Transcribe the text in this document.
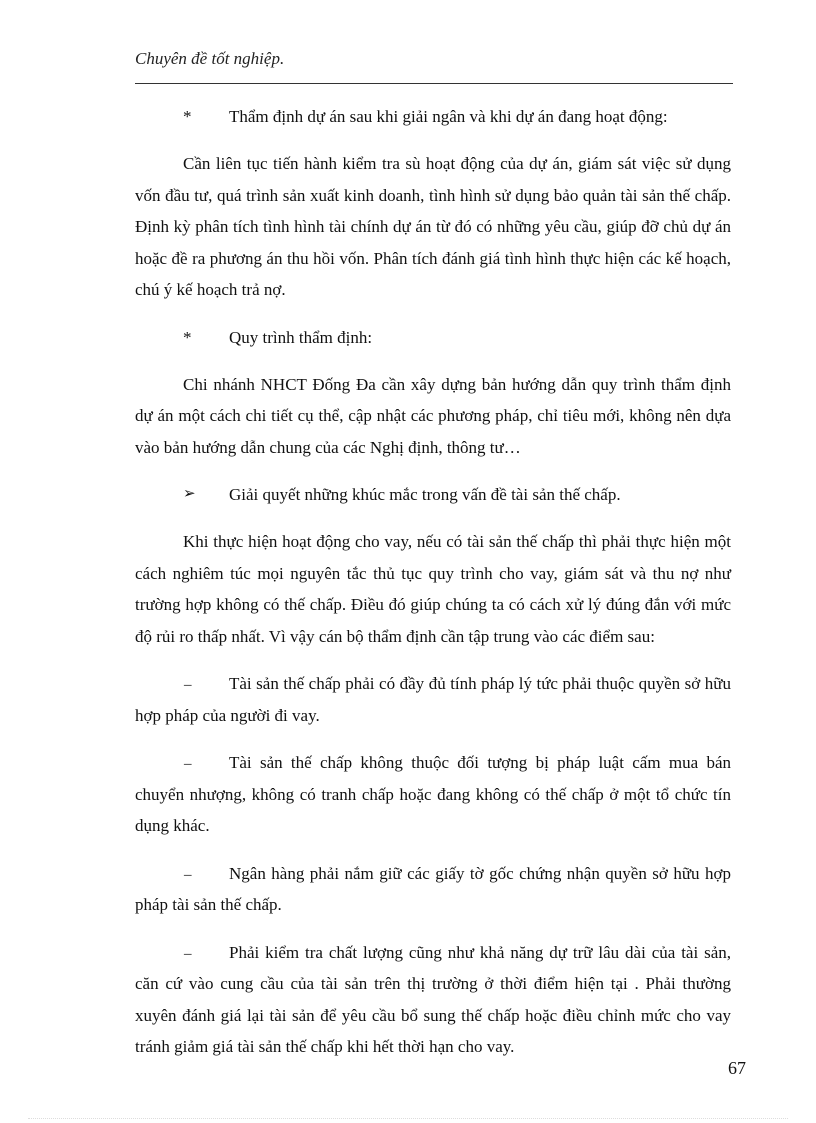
Chuyên đề tốt nghiệp.
* Thẩm định dự án sau khi giải ngân và khi dự án đang hoạt động:

Cần liên tục tiến hành kiểm tra sù hoạt động của dự án, giám sát việc sử dụng vốn đầu tư, quá trình sản xuất kinh doanh, tình hình sử dụng bảo quản tài sản thế chấp. Định kỳ phân tích tình hình tài chính dự án từ đó có những yêu cầu, giúp đỡ chủ dự án hoặc đề ra phương án thu hồi vốn. Phân tích đánh giá tình hình thực hiện các kế hoạch, chú ý kế hoạch trả nợ.

* Quy trình thẩm định:

Chi nhánh NHCT Đống Đa cần xây dựng bản hướng dẫn quy trình thẩm định dự án một cách chi tiết cụ thể, cập nhật các phương pháp, chỉ tiêu mới, không nên dựa vào bản hướng dẫn chung của các Nghị định, thông tư…

➢ Giải quyết những khúc mắc trong vấn đề tài sản thế chấp.

Khi thực hiện hoạt động cho vay, nếu có tài sản thế chấp thì phải thực hiện một cách nghiêm túc mọi nguyên tắc thủ tục quy trình cho vay, giám sát và thu nợ như trường hợp không có thế chấp. Điều đó giúp chúng ta có cách xử lý đúng đắn với mức độ rủi ro thấp nhất. Vì vậy cán bộ thẩm định cần tập trung vào các điểm sau:

_ Tài sản thế chấp phải có đầy đủ tính pháp lý tức phải thuộc quyền sở hữu hợp pháp của người đi vay.

_ Tài sản thế chấp không thuộc đối tượng bị pháp luật cấm mua bán chuyển nhượng, không có tranh chấp hoặc đang không có thế chấp ở một tổ chức tín dụng khác.

_ Ngân hàng phải nắm giữ các giấy tờ gốc chứng nhận quyền sở hữu hợp pháp tài sản thế chấp.

_ Phải kiểm tra chất lượng cũng như khả năng dự trữ lâu dài của tài sản, căn cứ vào cung cầu của tài sản trên thị trường ở thời điểm hiện tại . Phải thường xuyên đánh giá lại tài sản để yêu cầu bổ sung thế chấp hoặc điều chỉnh mức cho vay tránh giảm giá tài sản thế chấp khi hết thời hạn cho vay.

67
